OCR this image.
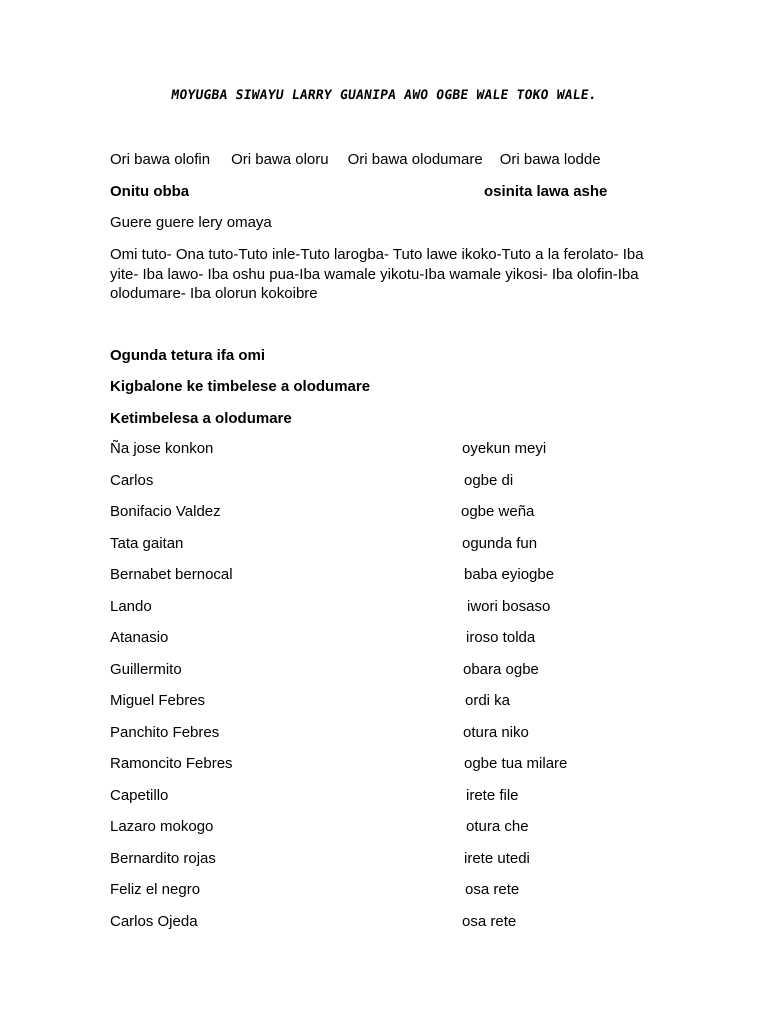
MOYUGBA SIWAYU LARRY GUANIPA AWO OGBE WALE TOKO WALE.
Ori bawa olofin Ori bawa oloru Ori bawa olodumare Ori bawa lodde
Onitu obba	osinita lawa ashe
Guere guere lery omaya
Omi tuto- Ona tuto-Tuto inle-Tuto larogba- Tuto lawe ikoko-Tuto a la ferolato- Iba yite- Iba lawo- Iba oshu pua-Iba wamale yikotu-Iba wamale yikosi- Iba olofin-Iba olodumare- Iba olorun kokoibre
Ogunda tetura ifa omi
Kigbalone ke timbelese a olodumare
Ketimbelesa a olodumare
Ña jose konkon	oyekun meyi
Carlos	ogbe di
Bonifacio Valdez	ogbe weña
Tata gaitan	ogunda fun
Bernabet bernocal	baba eyiogbe
Lando	iwori bosaso
Atanasio	iroso tolda
Guillermito	obara ogbe
Miguel Febres	ordi ka
Panchito Febres	otura niko
Ramoncito Febres	ogbe tua milare
Capetillo	irete file
Lazaro mokogo	otura che
Bernardito rojas	irete utedi
Feliz el negro	osa rete
Carlos Ojeda	osa rete
